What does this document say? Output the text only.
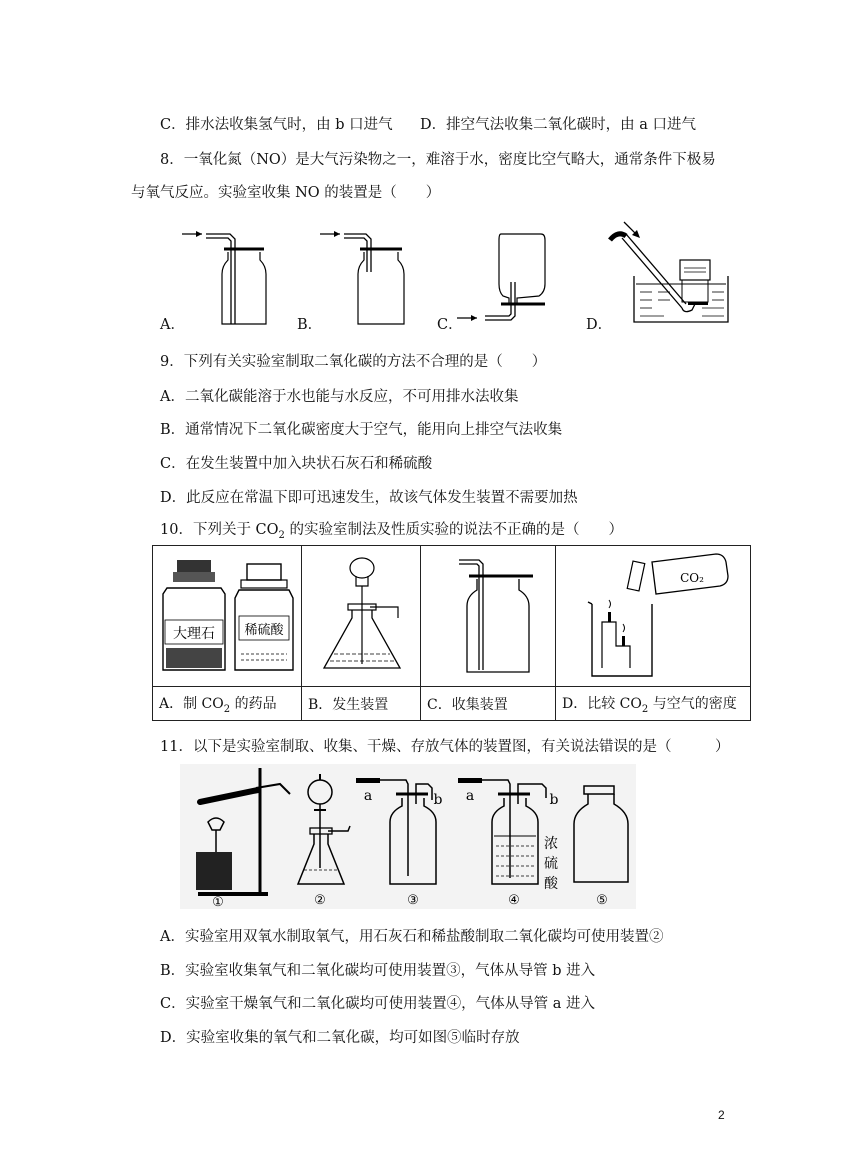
C．排水法收集氢气时，由 b 口进气 D．排空气法收集二氧化碳时，由 a 口进气
8．一氧化氮（NO）是大气污染物之一，难溶于水，密度比空气略大，通常条件下极易
与氧气反应。实验室收集 NO 的装置是（　　）
A．	B．	C．	D．
9．下列有关实验室制取二氧化碳的方法不合理的是（　　）
A．二氧化碳能溶于水也能与水反应，不可用排水法收集
B．通常情况下二氧化碳密度大于空气，能用向上排空气法收集
C．在发生装置中加入块状石灰石和稀硫酸
D．此反应在常温下即可迅速发生，故该气体发生装置不需要加热
10．下列关于 $CO_2$ 的实验室制法及性质实验的说法不正确的是（　　）
大理石 稀硫酸			CO₂

A．制 $CO_2$ 的药品	B．发生装置	C．收集装置	D．比较 $CO_2$ 与空气的密度
11．以下是实验室制取、收集、干燥、存放气体的装置图，有关说法错误的是（　　　）
①	②
a	b
③
a	b
浓
硫
酸
④	⑤
A．实验室用双氧水制取氧气，用石灰石和稀盐酸制取二氧化碳均可使用装置②
B．实验室收集氧气和二氧化碳均可使用装置③，气体从导管 b 进入
C．实验室干燥氧气和二氧化碳均可使用装置④，气体从导管 a 进入
D．实验室收集的氧气和二氧化碳，均可如图⑤临时存放
2
